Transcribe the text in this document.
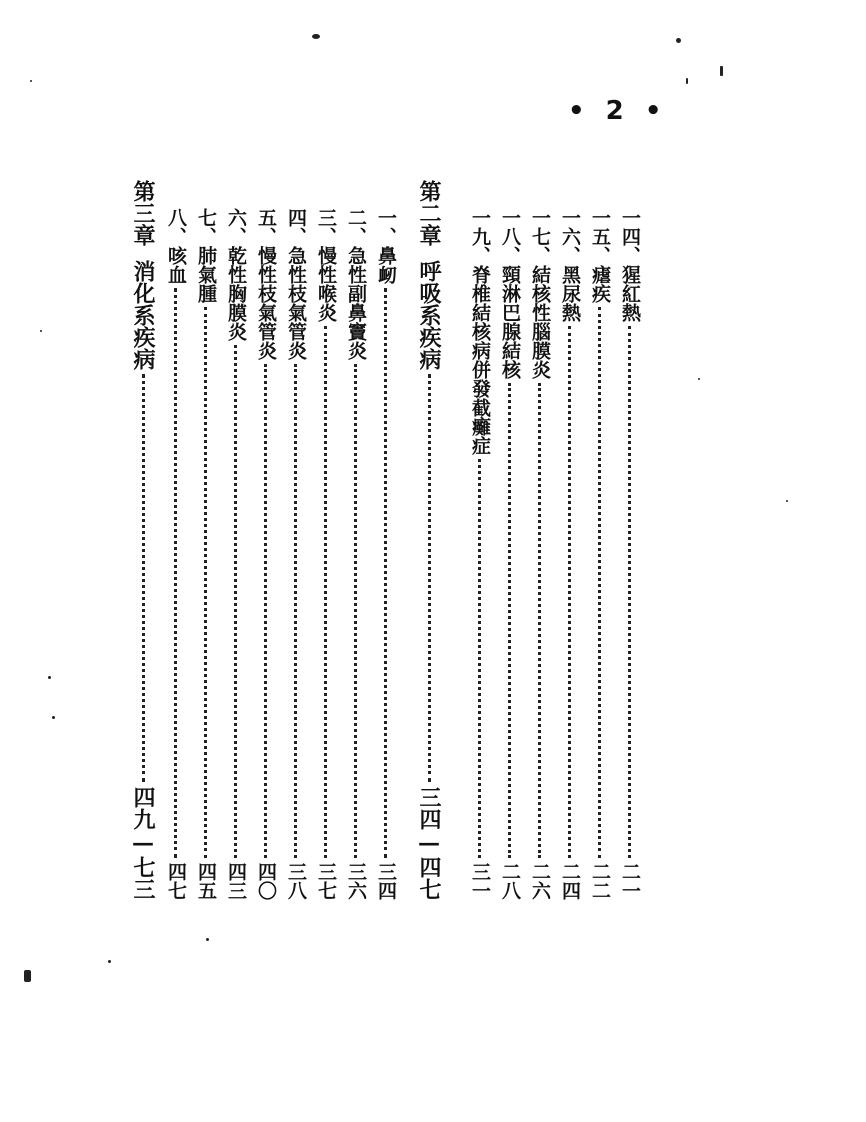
• 2 •
一四、
猩紅熱
二一
一五、
瘧疾
二二
一六、
黑尿熱
二四
一七、
結核性腦膜炎
二六
一八、
頸淋巴腺結核
二八
一九、
脊椎結核病併發截癱症
三一
第二章
呼吸系疾病
三四—四七
一、
鼻衂
三四
二、
急性副鼻竇炎
三六
三、
慢性喉炎
三七
四、
急性枝氣管炎
三八
五、
慢性枝氣管炎
四〇
六、
乾性胸膜炎
四三
七、
肺氣腫
四五
八、
咳血
四七
第三章
消化系疾病
四九—七三
